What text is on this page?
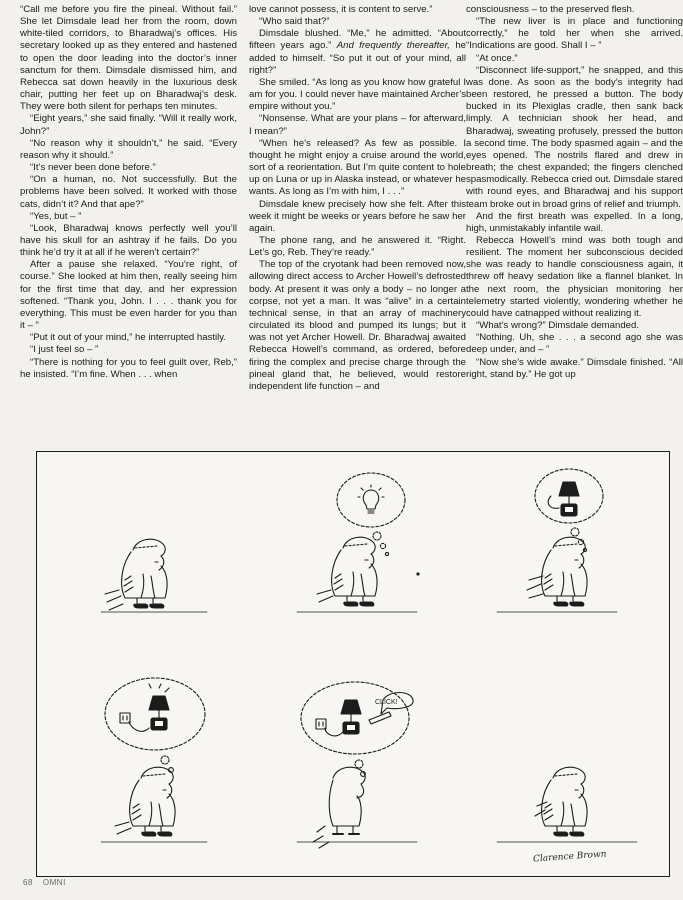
“Call me before you fire the pineal. Without fail.” She let Dimsdale lead her from the room, down white-tiled corridors, to Bharadwaj’s offices. His secretary looked up as they entered and hastened to open the door leading into the doctor’s inner sanctum for them. Dimsdale dismissed him, and Rebecca sat down heavily in the luxurious desk chair, putting her feet up on Bharadwaj’s desk. They were both silent for perhaps ten minutes.

“Eight years,” she said finally. “Will it really work, John?”

“No reason why it shouldn’t,” he said. “Every reason why it should.”

“It’s never been done before.”

“On a human, no. Not successfully. But the problems have been solved. It worked with those cats, didn’t it? And that ape?”

“Yes, but – ”

“Look, Bharadwaj knows perfectly well you’ll have his skull for an ashtray if he fails. Do you think he’d try it at all if he weren’t certain?”

After a pause she relaxed. “You’re right, of course.” She looked at him then, really seeing him for the first time that day, and her expression softened. “Thank you, John. I . . . thank you for everything. This must be even harder for you than it – ”

“Put it out of your mind,” he interrupted hastily.

“I just feel so – ”

“There is nothing for you to feel guilt over, Reb,” he insisted. “I’m fine. When . . . when

love cannot possess, it is content to serve.”

“Who said that?”

Dimsdale blushed. “Me,” he admitted. “About fifteen years ago.” And frequently thereafter, he added to himself. “So put it out of your mind, all right?”

She smiled. “As long as you know how grateful I am for you. I could never have maintained Archer’s empire without you.”

“Nonsense. What are your plans – for afterward, I mean?”

“When he’s released? As few as possible. I thought he might enjoy a cruise around the world, sort of a reorientation. But I’m quite content to hole up on Luna or up in Alaska instead, or whatever he wants. As long as I’m with him, I . . .”

Dimsdale knew precisely how she felt. After this week it might be weeks or years before he saw her again.

The phone rang, and he answered it. “Right. Let’s go, Reb. They’re ready.”

The top of the cryotank had been removed now, allowing direct access to Archer Howell’s defrosted body. At present it was only a body – no longer a corpse, not yet a man. It was “alive” in a certain technical sense, in that an array of machinery circulated its blood and pumped its lungs; but it was not yet Archer Howell. Dr. Bharadwaj awaited Rebecca Howell’s command, as ordered, before firing the complex and precise charge through the pineal gland that, he believed, would restore independent life function – and

consciousness – to the preserved flesh.

“The new liver is in place and functioning correctly,” he told her when she arrived. “Indications are good. Shall I – ”

“At once.”

“Disconnect life-support,” he snapped, and this was done. As soon as the body’s integrity had been restored, he pressed a button. The body bucked in its Plexiglas cradle, then sank back limply. A technician shook her head, and Bharadwaj, sweating profusely, pressed the button a second time. The body spasmed again – and the eyes opened. The nostrils flared and drew in breath; the chest expanded; the fingers clenched spasmodically. Rebecca cried out. Dimsdale stared with round eyes, and Bharadwaj and his support team broke out in broad grins of relief and triumph.

And the first breath was expelled. In a long, high, unmistakably infantile wail.

Rebecca Howell’s mind was both tough and resilient. The moment her subconscious decided she was ready to handle consciousness again, it threw off heavy sedation like a flannel blanket. In the next room, the physician monitoring her telemetry started violently, wondering whether he could have catnapped without realizing it.

“What’s wrong?” Dimsdale demanded.

“Nothing. Uh, she . . . a second ago she was deep under, and – ”

“Now she’s wide awake.” Dimsdale finished. “All right, stand by.” He got up

CLICK!
Clarence Brown
68 OMNI
